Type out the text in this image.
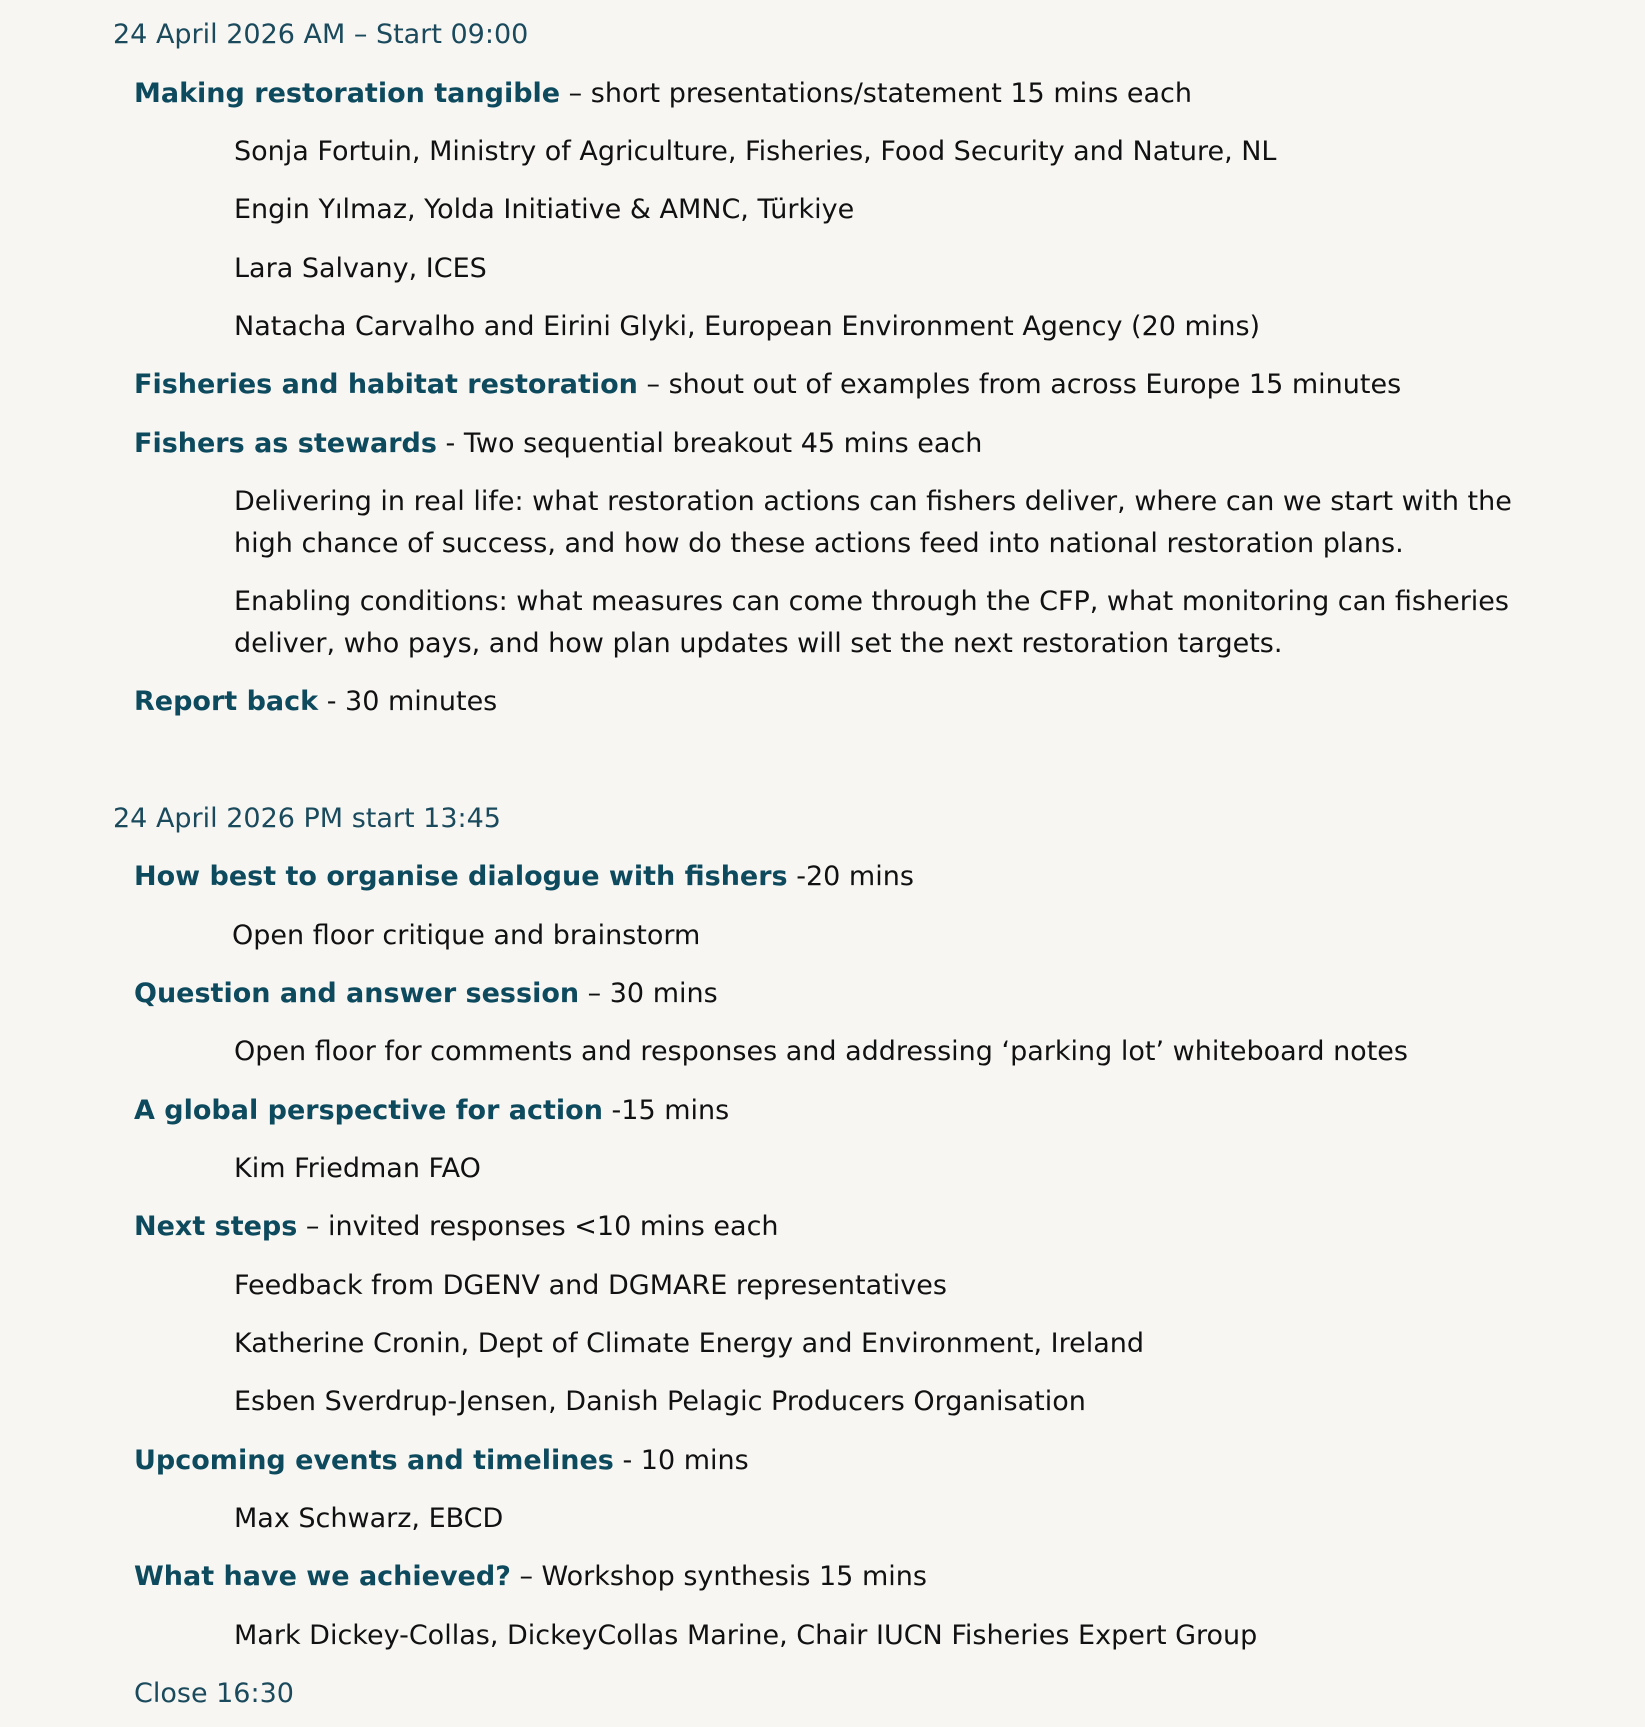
24 April 2026 AM – Start 09:00
Making restoration tangible – short presentations/statement 15 mins each
Sonja Fortuin, Ministry of Agriculture, Fisheries, Food Security and Nature, NL
Engin Yılmaz, Yolda Initiative & AMNC, Türkiye
Lara Salvany, ICES
Natacha Carvalho and Eirini Glyki, European Environment Agency (20 mins)
Fisheries and habitat restoration – shout out of examples from across Europe 15 minutes
Fishers as stewards - Two sequential breakout 45 mins each
Delivering in real life: what restoration actions can fishers deliver, where can we start with the high chance of success, and how do these actions feed into national restoration plans.
Enabling conditions: what measures can come through the CFP, what monitoring can fisheries deliver, who pays, and how plan updates will set the next restoration targets.
Report back - 30 minutes
24 April 2026 PM start 13:45
How best to organise dialogue with fishers -20 mins
Open floor critique and brainstorm
Question and answer session – 30 mins
Open floor for comments and responses and addressing ‘parking lot’ whiteboard notes
A global perspective for action -15 mins
Kim Friedman FAO
Next steps – invited responses <10 mins each
Feedback from DGENV and DGMARE representatives
Katherine Cronin, Dept of Climate Energy and Environment, Ireland
Esben Sverdrup-Jensen, Danish Pelagic Producers Organisation
Upcoming events and timelines - 10 mins
Max Schwarz, EBCD
What have we achieved? – Workshop synthesis 15 mins
Mark Dickey-Collas, DickeyCollas Marine, Chair IUCN Fisheries Expert Group
Close 16:30
